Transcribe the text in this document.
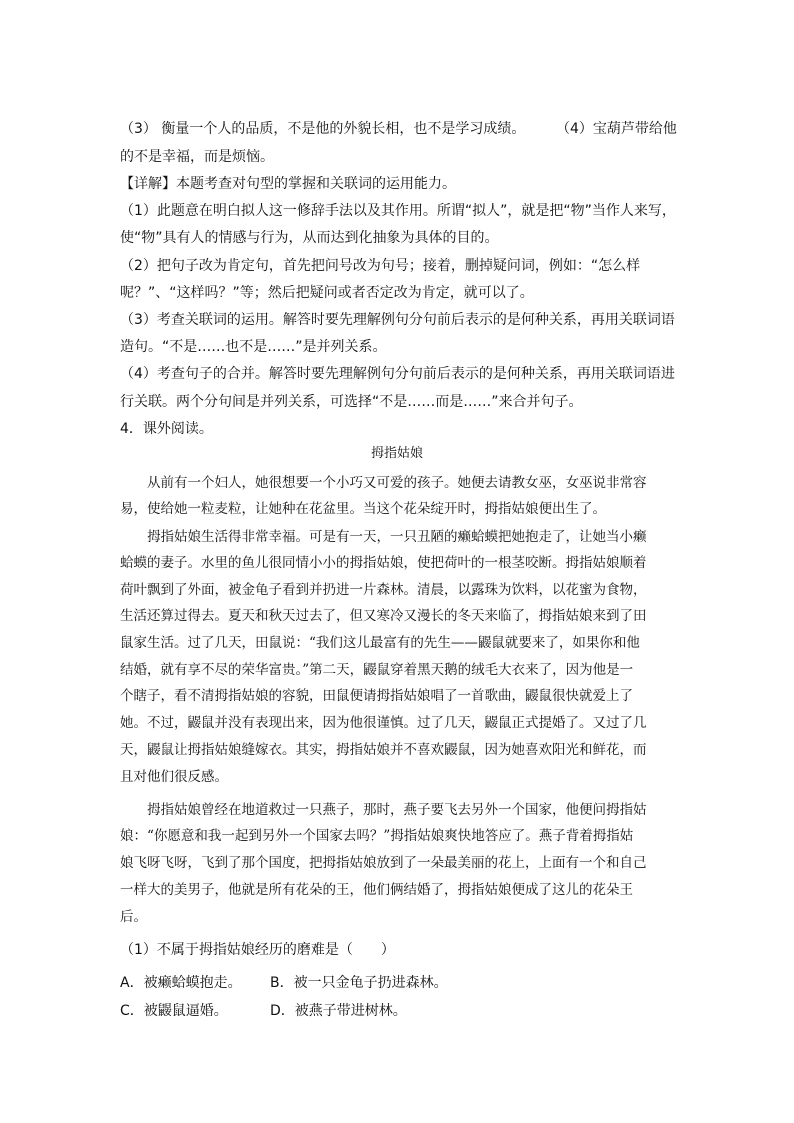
（3） 衡量一个人的品质，不是他的外貌长相，也不是学习成绩。 （4）宝葫芦带给他
的不是幸福，而是烦恼。
【详解】本题考查对句型的掌握和关联词的运用能力。
（1）此题意在明白拟人这一修辞手法以及其作用。所谓“拟人”，就是把“物”当作人来写，
使“物”具有人的情感与行为，从而达到化抽象为具体的目的。
（2）把句子改为肯定句，首先把问号改为句号；接着，删掉疑问词，例如：“怎么样
呢？”、“这样吗？”等；然后把疑问或者否定改为肯定，就可以了。
（3）考查关联词的运用。解答时要先理解例句分句前后表示的是何种关系，再用关联词语
造句。“不是……也不是……”是并列关系。
（4）考查句子的合并。解答时要先理解例句分句前后表示的是何种关系，再用关联词语进
行关联。两个分句间是并列关系，可选择“不是……而是……”来合并句子。
4．课外阅读。
拇指姑娘
　　从前有一个妇人，她很想要一个小巧又可爱的孩子。她便去请教女巫，女巫说非常容
易，使给她一粒麦粒，让她种在花盆里。当这个花朵绽开时，拇指姑娘便出生了。
　　拇指姑娘生活得非常幸福。可是有一天，一只丑陋的癞蛤蟆把她抱走了，让她当小癞
蛤蟆的妻子。水里的鱼儿很同情小小的拇指姑娘，使把荷叶的一根茎咬断。拇指姑娘顺着
荷叶飘到了外面，被金龟子看到并扔进一片森林。清晨，以露珠为饮料，以花蜜为食物，
生活还算过得去。夏天和秋天过去了，但又寒冷又漫长的冬天来临了，拇指姑娘来到了田
鼠家生活。过了几天，田鼠说：“我们这儿最富有的先生——鼹鼠就要来了，如果你和他
结婚，就有享不尽的荣华富贵。”第二天，鼹鼠穿着黑天鹅的绒毛大衣来了，因为他是一
个瞎子，看不清拇指姑娘的容貌，田鼠便请拇指姑娘唱了一首歌曲，鼹鼠很快就爱上了
她。不过，鼹鼠并没有表现出来，因为他很谨慎。过了几天，鼹鼠正式提婚了。又过了几
天，鼹鼠让拇指姑娘缝嫁衣。其实，拇指姑娘并不喜欢鼹鼠，因为她喜欢阳光和鲜花，而
且对他们很反感。
　　拇指姑娘曾经在地道救过一只燕子，那时，燕子要飞去另外一个国家，他便问拇指姑
娘：“你愿意和我一起到另外一个国家去吗？”拇指姑娘爽快地答应了。燕子背着拇指姑
娘飞呀飞呀，飞到了那个国度，把拇指姑娘放到了一朵最美丽的花上，上面有一个和自己
一样大的美男子，他就是所有花朵的王，他们俩结婚了，拇指姑娘便成了这儿的花朵王
后。
（1）不属于拇指姑娘经历的磨难是（　　）
A．被癞蛤蟆抱走。 B．被一只金龟子扔进森林。
C．被鼹鼠逼婚。	D．被燕子带进树林。
